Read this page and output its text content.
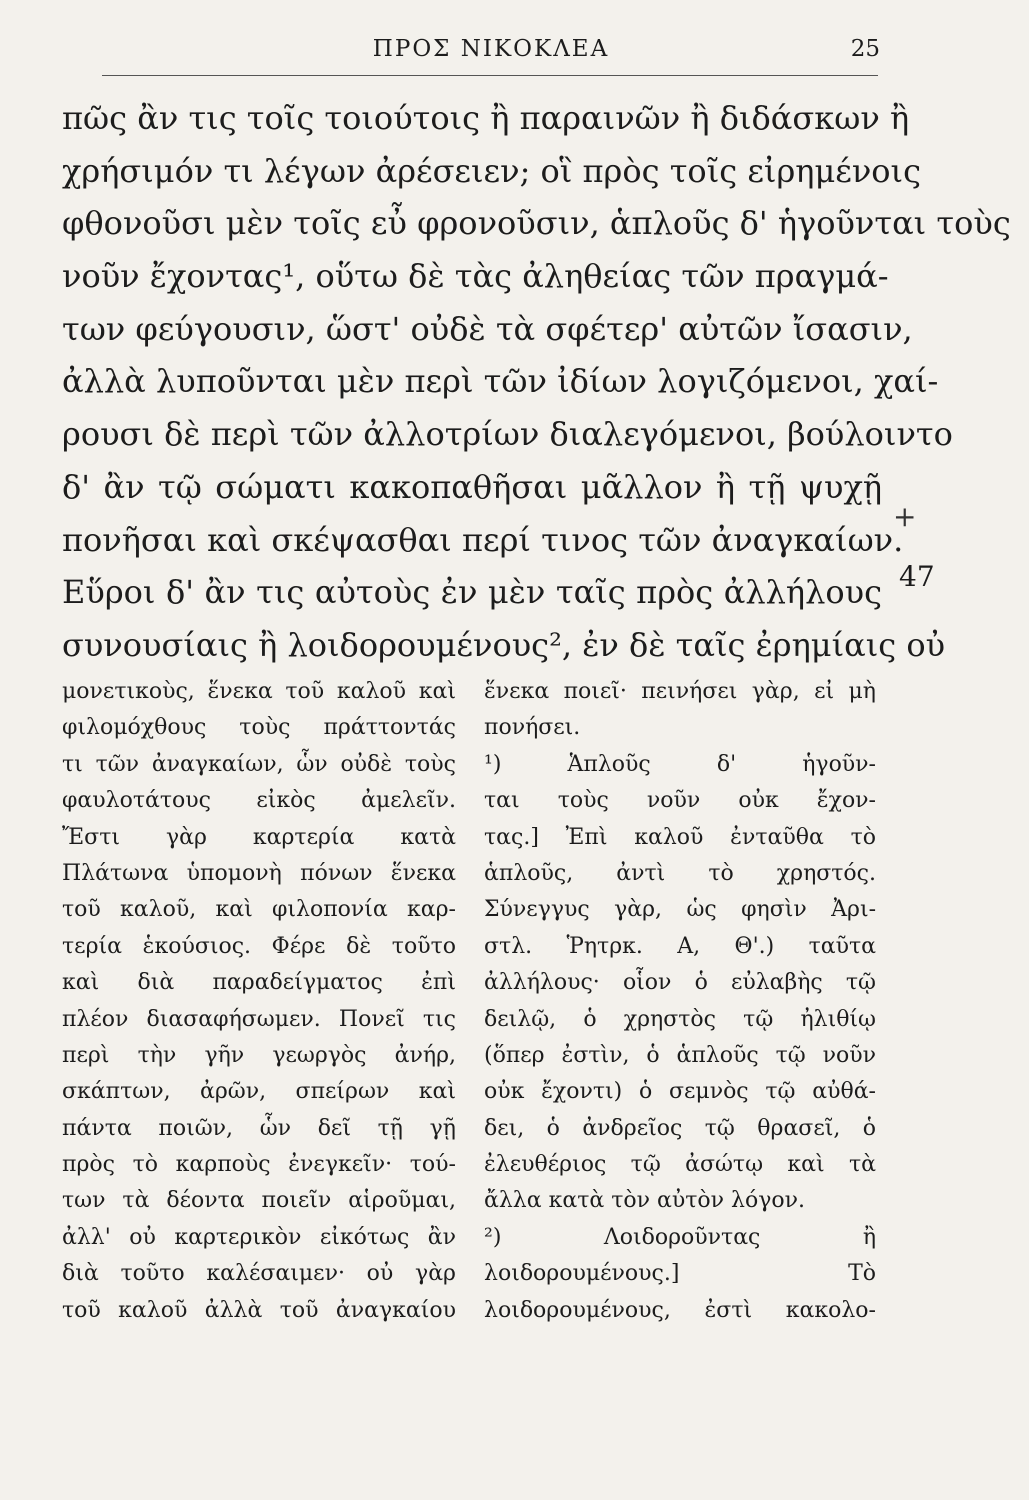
ΠΡΟΣ ΝΙΚΟΚΛΕΑ	25
πῶς ἂν τις τοῖς τοιούτοις ἢ παραινῶν ἢ διδάσκων ἢ
χρήσιμόν τι λέγων ἀρέσειεν; οἳ πρὸς τοῖς εἰρημένοις
φθονοῦσι μὲν τοῖς εὖ φρονοῦσιν, ἁπλοῦς δ' ἡγοῦνται τοὺς
νοῦν ἔχοντας¹, οὕτω δὲ τὰς ἀληθείας τῶν πραγμά-
των φεύγουσιν, ὥστ' οὐδὲ τὰ σφέτερ' αὐτῶν ἴσασιν,
ἀλλὰ λυποῦνται μὲν περὶ τῶν ἰδίων λογιζόμενοι, χαί-
ρουσι δὲ περὶ τῶν ἀλλοτρίων διαλεγόμενοι, βούλοιντο
δ' ἂν τῷ σώματι κακοπαθῆσαι μᾶλλον ἢ τῇ ψυχῇ
πονῆσαι καὶ σκέψασθαι περί τινος τῶν ἀναγκαίων.
Εὕροι δ' ἂν τις αὐτοὺς ἐν μὲν ταῖς πρὸς ἀλλήλους
συνουσίαις ἢ λοιδορουμένους², ἐν δὲ ταῖς ἐρημίαις οὐ
+
47
μονετικοὺς, ἕνεκα τοῦ καλοῦ καὶ
φιλομόχθους τοὺς πράττοντάς
τι τῶν ἀναγκαίων, ὧν οὐδὲ τοὺς
φαυλοτάτους εἰκὸς ἀμελεῖν.
Ἔστι γὰρ καρτερία κατὰ
Πλάτωνα ὑπομονὴ πόνων ἕνεκα
τοῦ καλοῦ, καὶ φιλοπονία καρ-
τερία ἑκούσιος. Φέρε δὲ τοῦτο
καὶ διὰ παραδείγματος ἐπὶ
πλέον διασαφήσωμεν. Πονεῖ τις
περὶ τὴν γῆν γεωργὸς ἀνήρ,
σκάπτων, ἀρῶν, σπείρων καὶ
πάντα ποιῶν, ὧν δεῖ τῇ γῇ
πρὸς τὸ καρποὺς ἐνεγκεῖν· τού-
των τὰ δέοντα ποιεῖν αἱροῦμαι,
ἀλλ' οὐ καρτερικὸν εἰκότως ἂν
διὰ τοῦτο καλέσαιμεν· οὐ γὰρ
τοῦ καλοῦ ἀλλὰ τοῦ ἀναγκαίου
ἕνεκα ποιεῖ· πεινήσει γὰρ, εἰ μὴ
πονήσει.
¹) Ἁπλοῦς δ' ἡγοῦν-
ται τοὺς νοῦν οὐκ ἔχον-
τας.] Ἐπὶ καλοῦ ἐνταῦθα τὸ
ἁπλοῦς, ἀντὶ τὸ χρηστός.
Σύνεγγυς γὰρ, ὡς φησὶν Ἀρι-
στλ. Ῥητρκ. Α, Θ'.) ταῦτα
ἀλλήλους· οἷον ὁ εὐλαβὴς τῷ
δειλῷ, ὁ χρηστὸς τῷ ἠλιθίῳ
(ὅπερ ἐστὶν, ὁ ἁπλοῦς τῷ νοῦν
οὐκ ἔχοντι) ὁ σεμνὸς τῷ αὐθά-
δει, ὁ ἀνδρεῖος τῷ θρασεῖ, ὁ
ἐλευθέριος τῷ ἀσώτῳ καὶ τὰ
ἄλλα κατὰ τὸν αὐτὸν λόγον.
²) Λοιδοροῦντας ἢ
λοιδορουμένους.] Τὸ
λοιδορουμένους, ἐστὶ κακολο-
